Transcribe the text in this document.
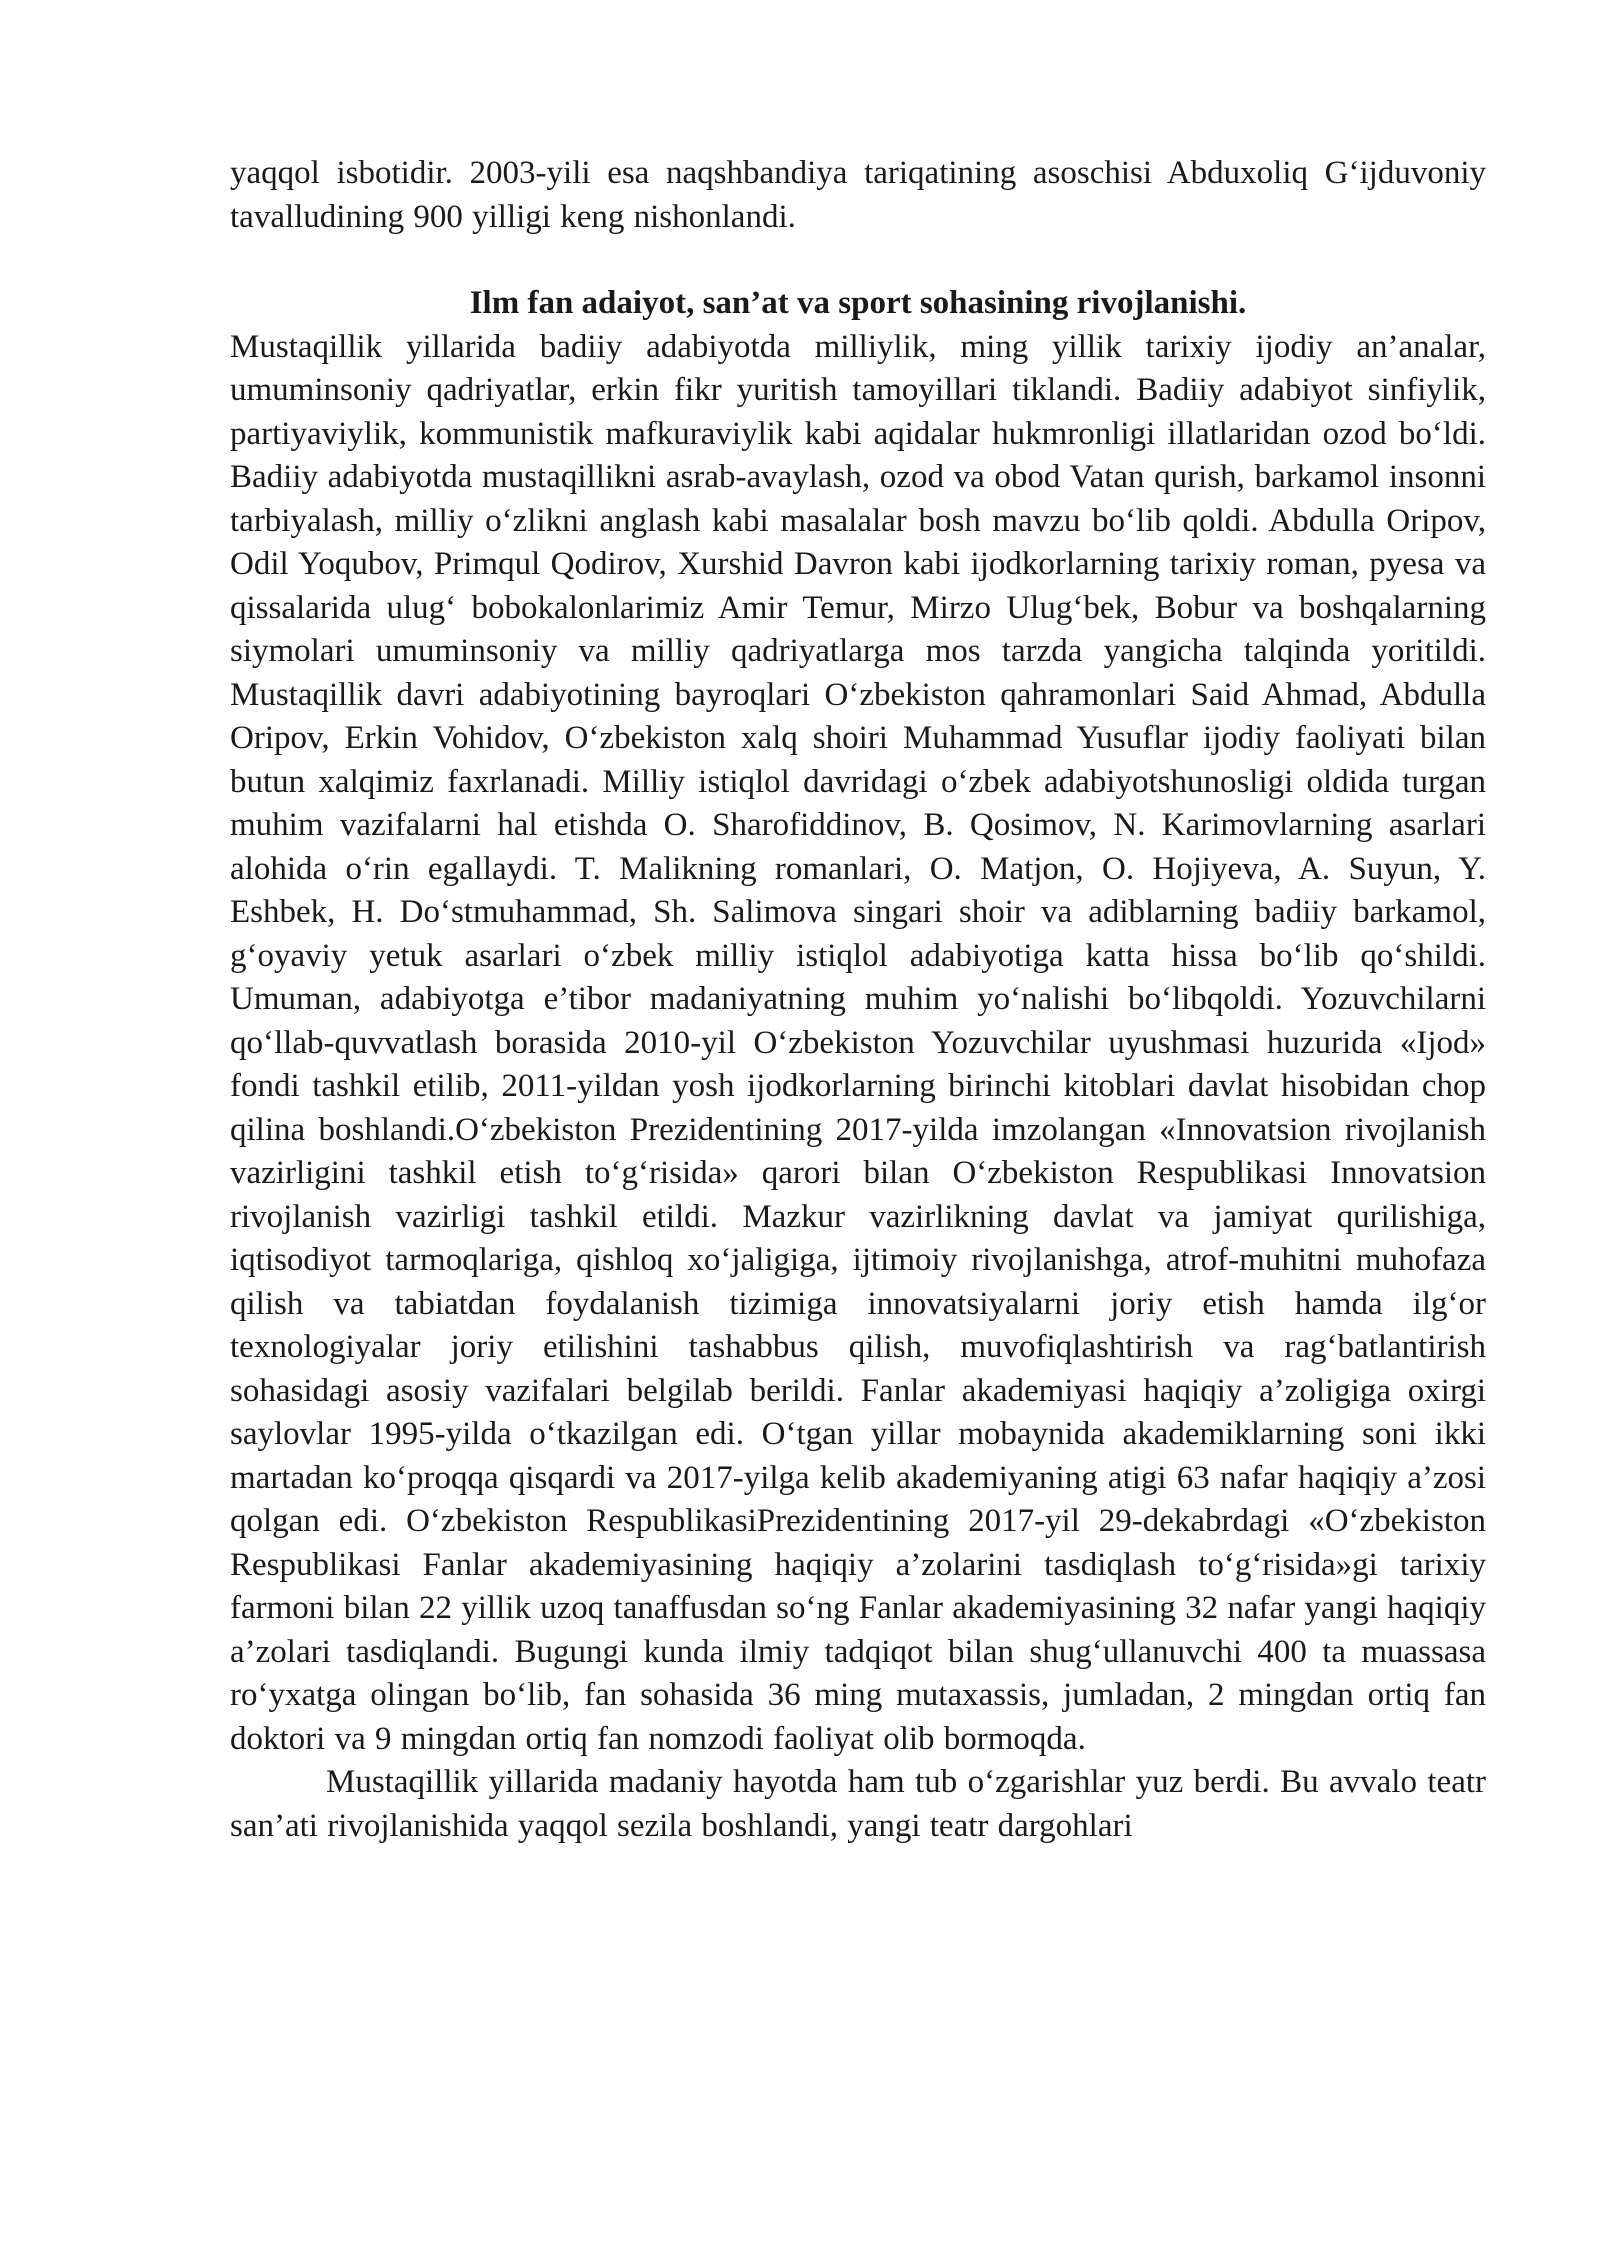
yaqqol isbotidir. 2003-yili esa naqshbandiya tariqatining asoschisi Abduxoliq G‘ijduvoniy tavalludining 900 yilligi keng nishonlandi.

Ilm fan adaiyot, san’at va sport sohasining rivojlanishi.

Mustaqillik yillarida badiiy adabiyotda milliylik, ming yillik tarixiy ijodiy an’analar, umuminsoniy qadriyatlar, erkin fikr yuritish tamoyillari tiklandi. Badiiy adabiyot sinfiylik, partiyaviylik, kommunistik mafkuraviylik kabi aqidalar hukmronligi illatlaridan ozod bo‘ldi. Badiiy adabiyotda mustaqillikni asrab-avaylash, ozod va obod Vatan qurish, barkamol insonni tarbiyalash, milliy o‘zlikni anglash kabi masalalar bosh mavzu bo‘lib qoldi. Abdulla Oripov, Odil Yoqubov, Primqul Qodirov, Xurshid Davron kabi ijodkorlarning tarixiy roman, pyesa va qissalarida ulug‘ bobokalonlarimiz Amir Temur, Mirzo Ulug‘bek, Bobur va boshqalarning siymolari umuminsoniy va milliy qadriyatlarga mos tarzda yangicha talqinda yoritildi. Mustaqillik davri adabiyotining bayroqlari O‘zbekiston qahramonlari Said Ahmad, Abdulla Oripov, Erkin Vohidov, O‘zbekiston xalq shoiri Muhammad Yusuflar ijodiy faoliyati bilan butun xalqimiz faxrlanadi. Milliy istiqlol davridagi o‘zbek adabiyotshunosligi oldida turgan muhim vazifalarni hal etishda O. Sharofiddinov, B. Qosimov, N. Karimovlarning asarlari alohida o‘rin egallaydi. T. Malikning romanlari, O. Matjon, O. Hojiyeva, A. Suyun, Y. Eshbek, H. Do‘stmuhammad, Sh. Salimova singari shoir va adiblarning badiiy barkamol, g‘oyaviy yetuk asarlari o‘zbek milliy istiqlol adabiyotiga katta hissa bo‘lib qo‘shildi. Umuman, adabiyotga e’tibor madaniyatning muhim yo‘nalishi bo‘libqoldi. Yozuvchilarni qo‘llab-quvvatlash borasida 2010-yil O‘zbekiston Yozuvchilar uyushmasi huzurida «Ijod» fondi tashkil etilib, 2011-yildan yosh ijodkorlarning birinchi kitoblari davlat hisobidan chop qilina boshlandi.O‘zbekiston Prezidentining 2017-yilda imzolangan «Innovatsion rivojlanish vazirligini tashkil etish to‘g‘risida» qarori bilan O‘zbekiston Respublikasi Innovatsion rivojlanish vazirligi tashkil etildi. Mazkur vazirlikning davlat va jamiyat qurilishiga, iqtisodiyot tarmoqlariga, qishloq xo‘jaligiga, ijtimoiy rivojlanishga, atrof-muhitni muhofaza qilish va tabiatdan foydalanish tizimiga innovatsiyalarni joriy etish hamda ilg‘or texnologiyalar joriy etilishini tashabbus qilish, muvofiqlashtirish va rag‘batlantirish sohasidagi asosiy vazifalari belgilab berildi. Fanlar akademiyasi haqiqiy a’zoligiga oxirgi saylovlar 1995-yilda o‘tkazilgan edi. O‘tgan yillar mobaynida akademiklarning soni ikki martadan ko‘proqqa qisqardi va 2017-yilga kelib akademiyaning atigi 63 nafar haqiqiy a’zosi qolgan edi. O‘zbekiston RespublikasiPrezidentining 2017-yil 29-dekabrdagi «O‘zbekiston Respublikasi Fanlar akademiyasining haqiqiy a’zolarini tasdiqlash to‘g‘risida»gi tarixiy farmoni bilan 22 yillik uzoq tanaffusdan so‘ng Fanlar akademiyasining 32 nafar yangi haqiqiy a’zolari tasdiqlandi. Bugungi kunda ilmiy tadqiqot bilan shug‘ullanuvchi 400 ta muassasa ro‘yxatga olingan bo‘lib, fan sohasida 36 ming mutaxassis, jumladan, 2 mingdan ortiq fan doktori va 9 mingdan ortiq fan nomzodi faoliyat olib bormoqda.

Mustaqillik yillarida madaniy hayotda ham tub o‘zgarishlar yuz berdi. Bu avvalo teatr san’ati rivojlanishida yaqqol sezila boshlandi, yangi teatr dargohlari
